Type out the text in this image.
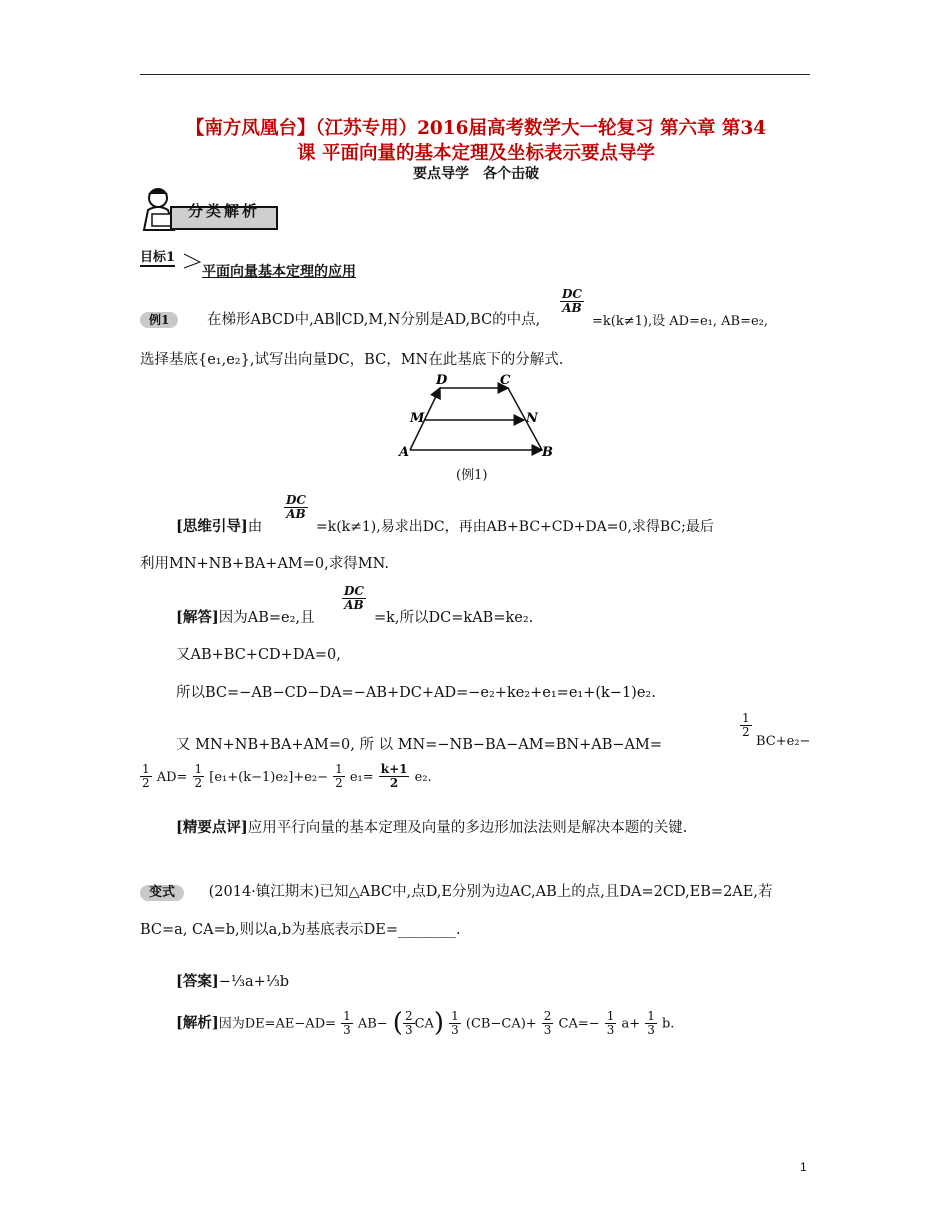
【南方凤凰台】（江苏专用）2016届高考数学大一轮复习 第六章 第34
课 平面向量的基本定理及坐标表示要点导学
要点导学　各个击破
分类解析
目标1
平面向量基本定理的应用
例1	在梯形ABCD中,AB∥CD,M,N分别是AD,BC的中点,
$\frac{DC}{AB}$
=k(k≠1),设 AD=e₁, AB=e₂,
选择基底{e₁,e₂},试写出向量DC，BC，MN在此基底下的分解式.
A	B
C
D
M	N
(例1)
[思维引导]由
$\frac{DC}{AB}$
=k(k≠1),易求出DC，再由AB+BC+CD+DA=0,求得BC;最后
利用MN+NB+BA+AM=0,求得MN.
[解答]因为AB=e₂,且
$\frac{DC}{AB}$
=k,所以DC=kAB=ke₂.
又AB+BC+CD+DA=0,
所以BC=−AB−CD−DA=−AB+DC+AD=−e₂+ke₂+e₁=e₁+(k−1)e₂.
又 MN+NB+BA+AM=0, 所 以 MN=−NB−BA−AM=BN+AB−AM=
$\frac{1}{2}$
BC+e₂−
$\frac{1}{2} AD= \frac{1}{2} [e_1+(k-1)e_2]+e_2- \frac{1}{2} e_1= \frac{k+1}{2} e_2$.
[精要点评]应用平行向量的基本定理及向量的多边形加法法则是解决本题的关键.
变式 (2014·镇江期末)已知△ABC中,点D,E分别为边AC,AB上的点,且DA=2CD,EB=2AE,若
BC=a, CA=b,则以a,b为基底表示DE=________.
[答案]−⅓a+⅓b
[解析]因为$DE=AE-AD= \frac{1}{3} AB-$ ( $\frac{2}{3} CA) \frac{1}{3} (CB-CA)+ \frac{2}{3} CA=- \frac{1}{3} a+ \frac{1}{3} b$.
1
